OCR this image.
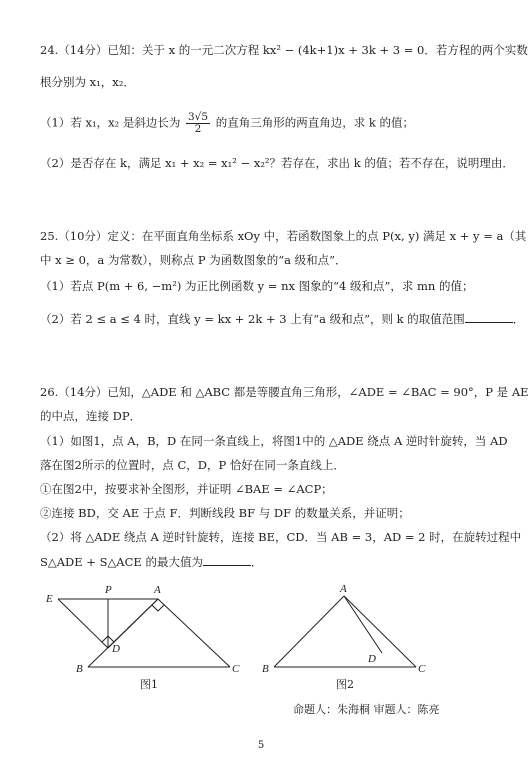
24.（14分）已知：关于 x 的一元二次方程 kx² − (4k+1)x + 3k + 3 = 0．若方程的两个实数
根分别为 x₁，x₂．
（1）若 x₁，x₂ 是斜边长为 $\frac{3√5}{2}$ 的直角三角形的两直角边，求 k 的值；
（2）是否存在 k，满足 x₁ + x₂ = x₁² − x₂²？若存在，求出 k 的值；若不存在，说明理由．
25.（10分）定义：在平面直角坐标系 xOy 中，若函数图象上的点 P(x, y) 满足 x + y = a（其
中 x ≥ 0，a 为常数），则称点 P 为函数图象的“a 级和点”．
（1）若点 P(m + 6, −m²) 为正比例函数 y = nx 图象的“4 级和点”，求 mn 的值；
（2）若 2 ≤ a ≤ 4 时，直线 y = kx + 2k + 3 上有“a 级和点”，则 k 的取值范围	．
26.（14分）已知，△ADE 和 △ABC 都是等腰直角三角形，∠ADE = ∠BAC = 90°，P 是 AE
的中点，连接 DP．
（1）如图1，点 A，B，D 在同一条直线上，将图1中的 △ADE 绕点 A 逆时针旋转，当 AD
落在图2所示的位置时，点 C，D，P 恰好在同一条直线上．
①在图2中，按要求补全图形，并证明 ∠BAE = ∠ACP；
②连接 BD，交 AE 于点 F．判断线段 BF 与 DF 的数量关系，并证明；
（2）将 △ADE 绕点 A 逆时针旋转，连接 BE，CD．当 AB = 3，AD = 2 时，在旋转过程中
S△ADE + S△ACE 的最大值为	．
E
P	A
D
B	C
图1
A
D
B	C
图2
命题人：朱海桐 审题人：陈亮
5
